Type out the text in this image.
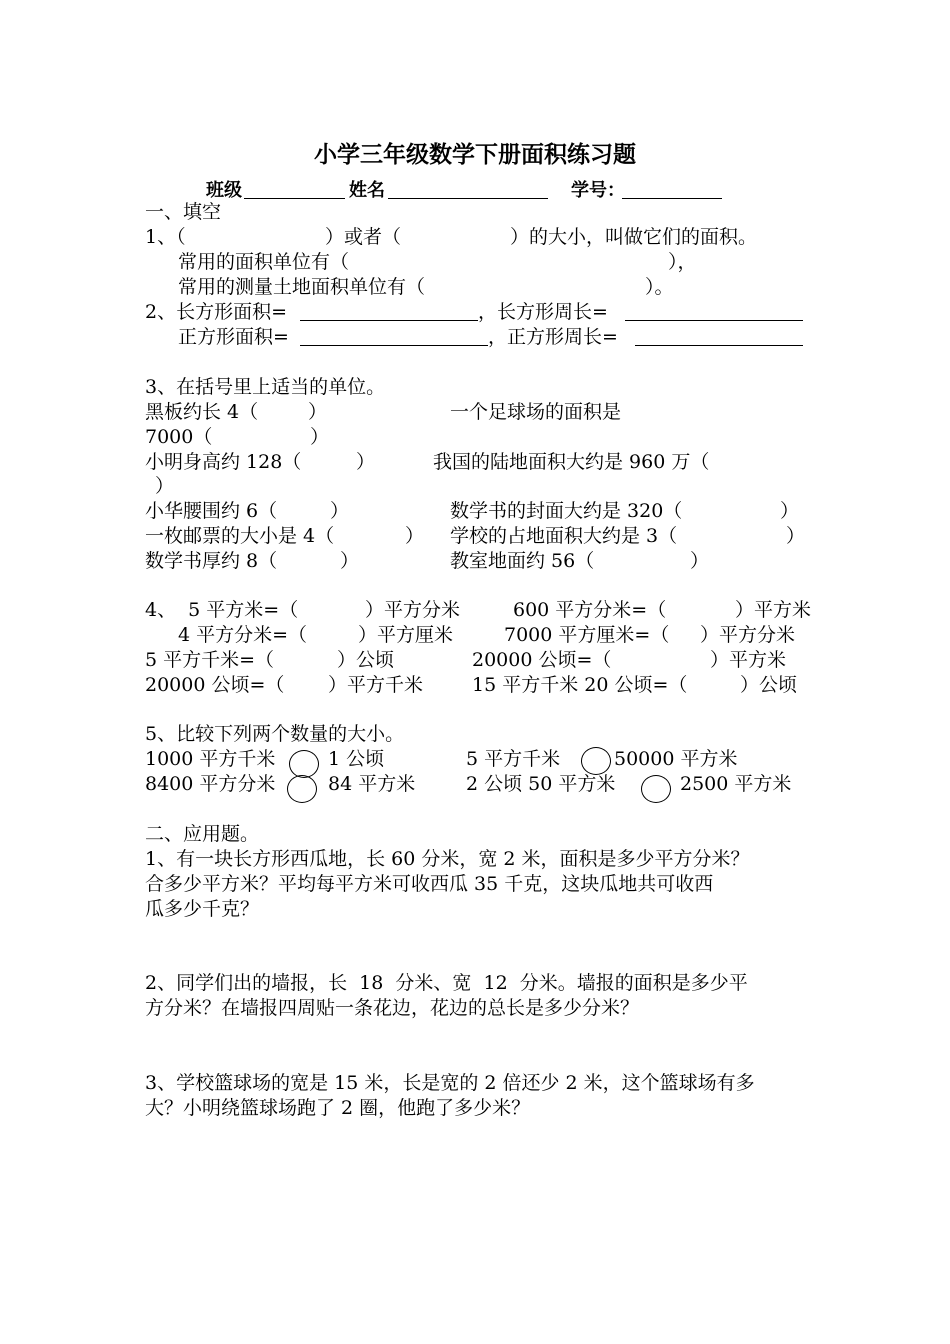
小学三年级数学下册面积练习题
班级	姓名	学号：
一、填空
1、（	）或者（	）的大小，叫做它们的面积。
常用的面积单位有（	），
常用的测量土地面积单位有（	）。
2、长方形面积=	，长方形周长=
正方形面积=	，正方形周长=
3、在括号里上适当的单位。
黑板约长 4（	）	一个足球场的面积是
7000（	）
小明身高约 128（	）	我国的陆地面积大约是 960 万（
）
小华腰围约 6（	）	数学书的封面大约是 320（	）
一枚邮票的大小是 4（	） 学校的占地面积大约是 3（	）
数学书厚约 8（	）	教室地面约 56（	）
4、  5 平方米=（	）平方分米	600 平方分米=（	）平方米
4 平方分米=（	）平方厘米	7000 平方厘米=（ ）平方分米
5 平方千米=（	）公顷	20000 公顷=（	）平方米
20000 公顷=（ ）平方千米	15 平方千米 20 公顷=（	）公顷
5、比较下列两个数量的大小。
1000 平方千米	1 公顷	5 平方千米	50000 平方米
8400 平方分米	84 平方米	2 公顷 50 平方米	2500 平方米
二、应用题。
1、有一块长方形西瓜地，长 60 分米，宽 2 米，面积是多少平方分米？
合多少平方米？平均每平方米可收西瓜 35 千克，这块瓜地共可收西
瓜多少千克？
2、同学们出的墙报，长  18  分米、宽  12  分米。墙报的面积是多少平
方分米？在墙报四周贴一条花边，花边的总长是多少分米？
3、学校篮球场的宽是 15 米，长是宽的 2 倍还少 2 米，这个篮球场有多
大？小明绕篮球场跑了 2 圈，他跑了多少米？
